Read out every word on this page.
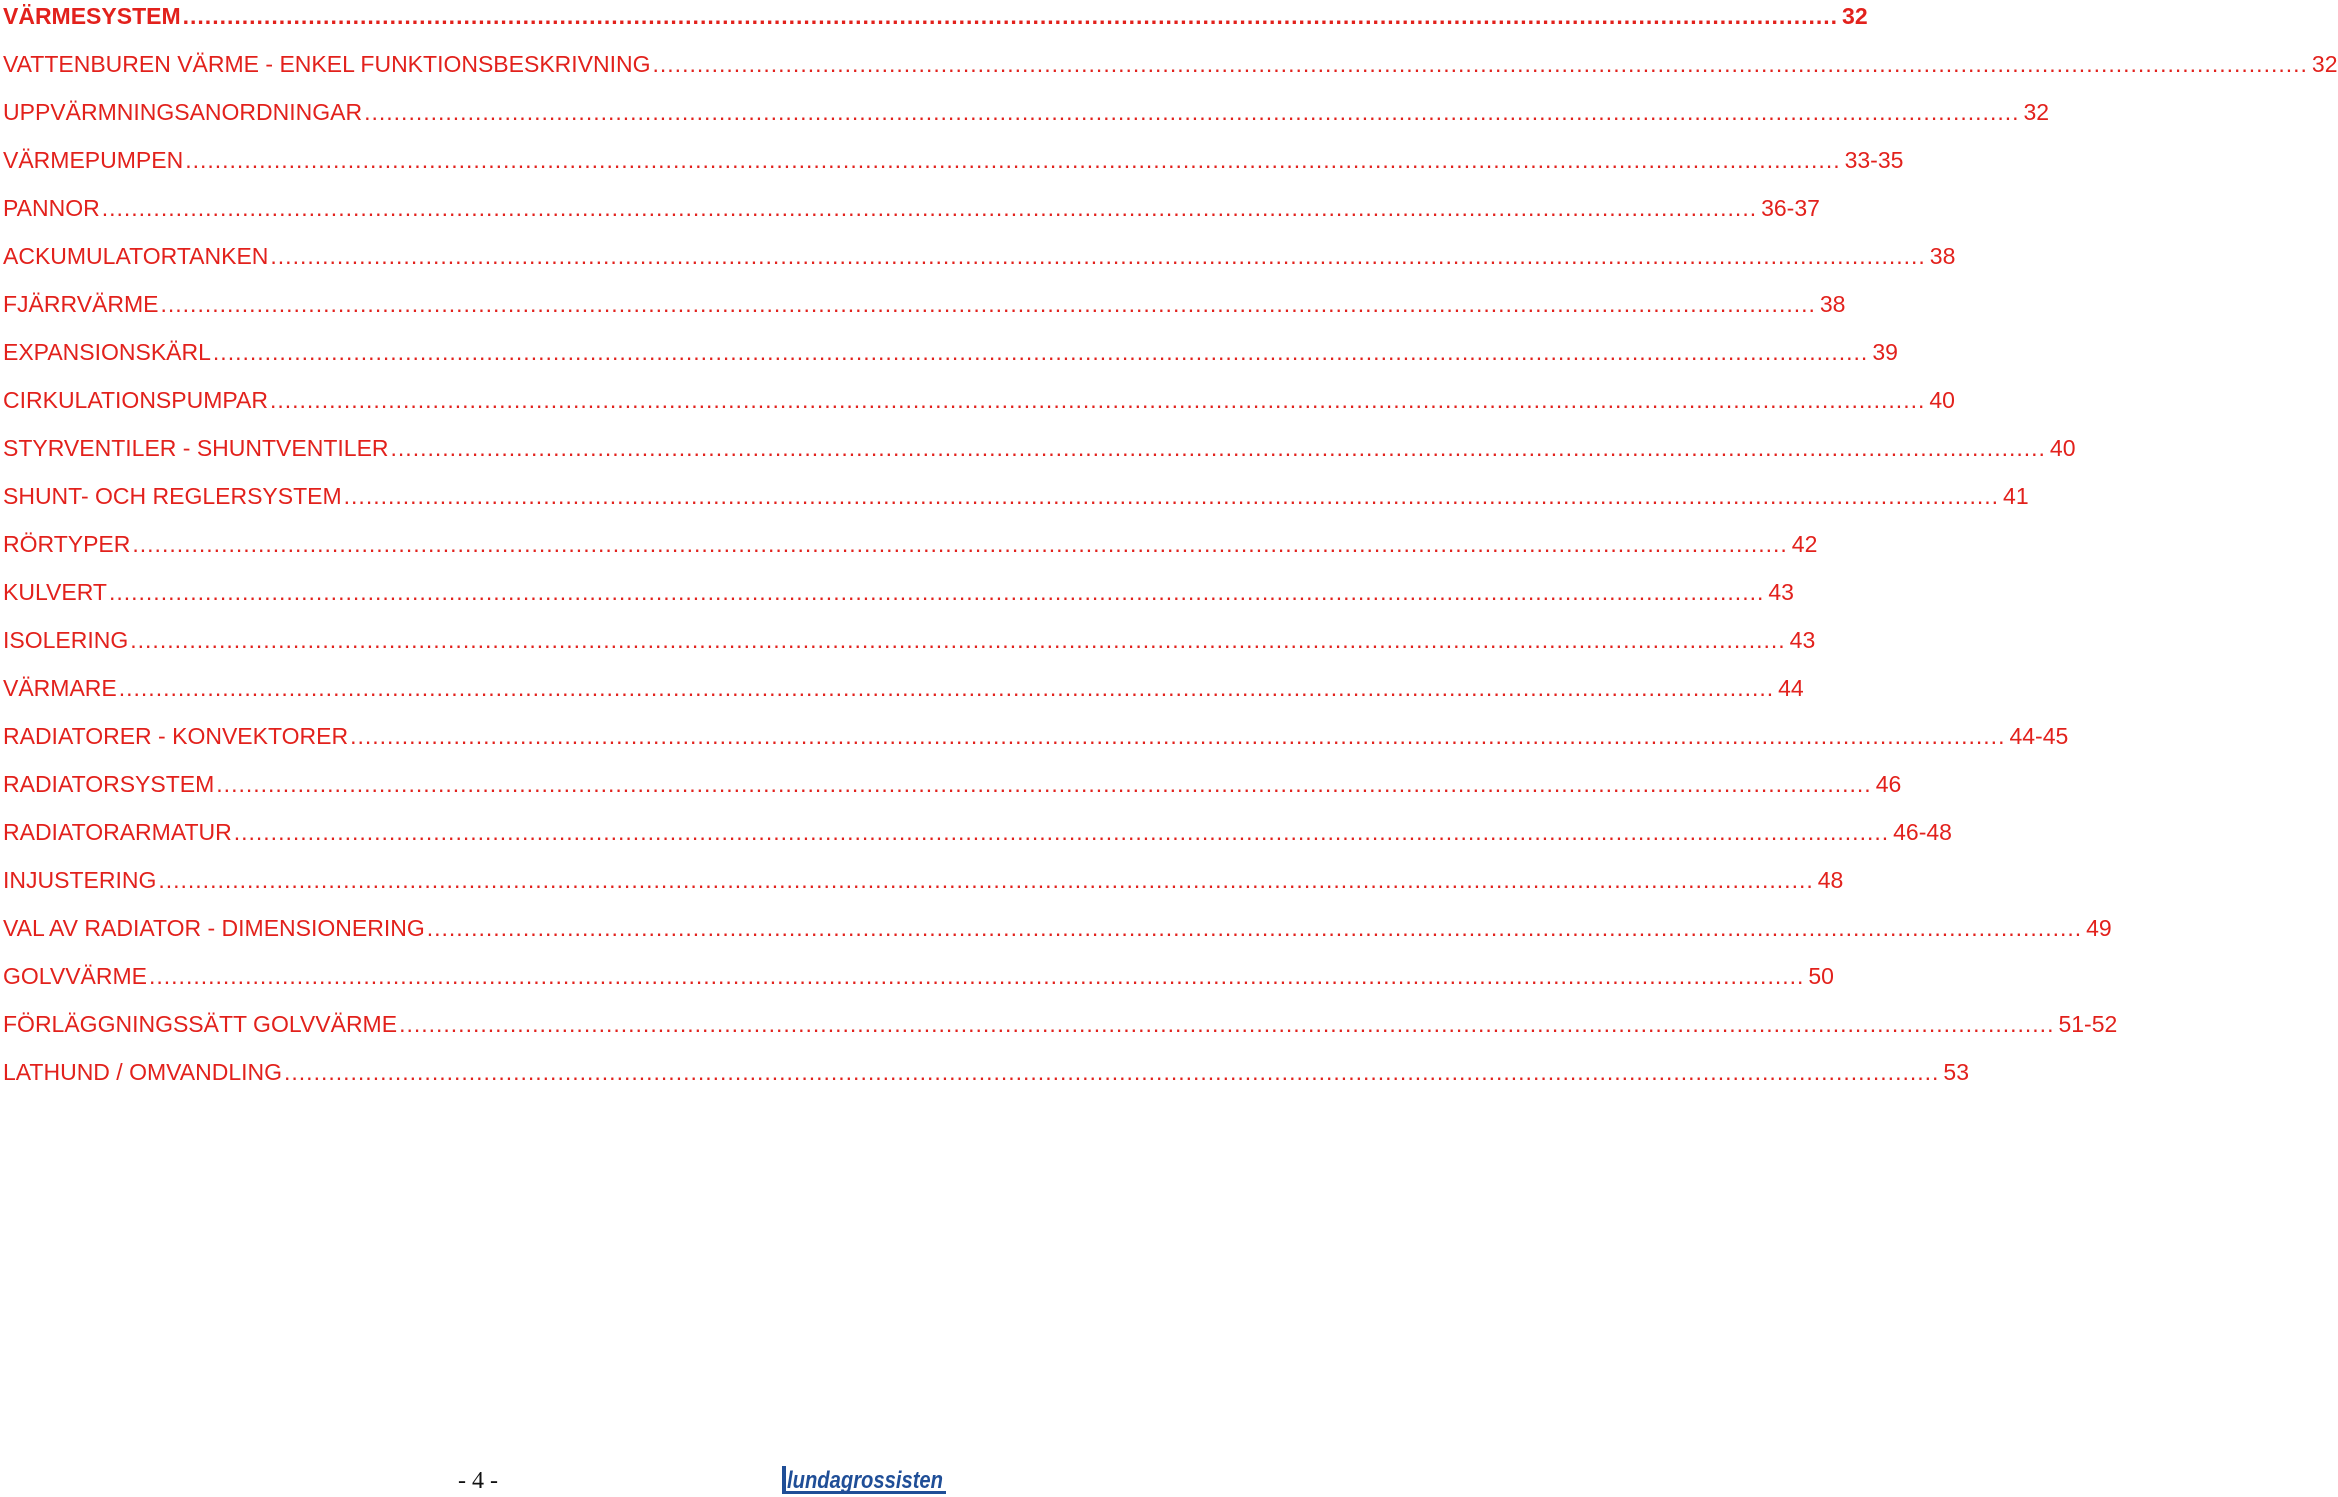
VÄRMESYSTEM .....	32
VATTENBUREN VÄRME - ENKEL FUNKTIONSBESKRIVNING .....	32
UPPVÄRMNINGSANORDNINGAR .....	32
VÄRMEPUMPEN .....	33-35
PANNOR .....	36-37
ACKUMULATORTANKEN .....	38
FJÄRRVÄRME .....	38
EXPANSIONSKÄRL .....	39
CIRKULATIONSPUMPAR .....	40
STYRVENTILER - SHUNTVENTILER .....	40
SHUNT- OCH REGLERSYSTEM .....	41
RÖRTYPER .....	42
KULVERT .....	43
ISOLERING .....	43
VÄRMARE .....	44
RADIATORER - KONVEKTORER .....	44-45
RADIATORSYSTEM .....	46
RADIATORARMATUR .....	46-48
INJUSTERING .....	48
VAL AV RADIATOR - DIMENSIONERING .....	49
GOLVVÄRME .....	50
FÖRLÄGGNINGSSÄTT GOLVVÄRME .....	51-52
LATHUND / OMVANDLING .....	53
- 4 -	lundagrossisten
